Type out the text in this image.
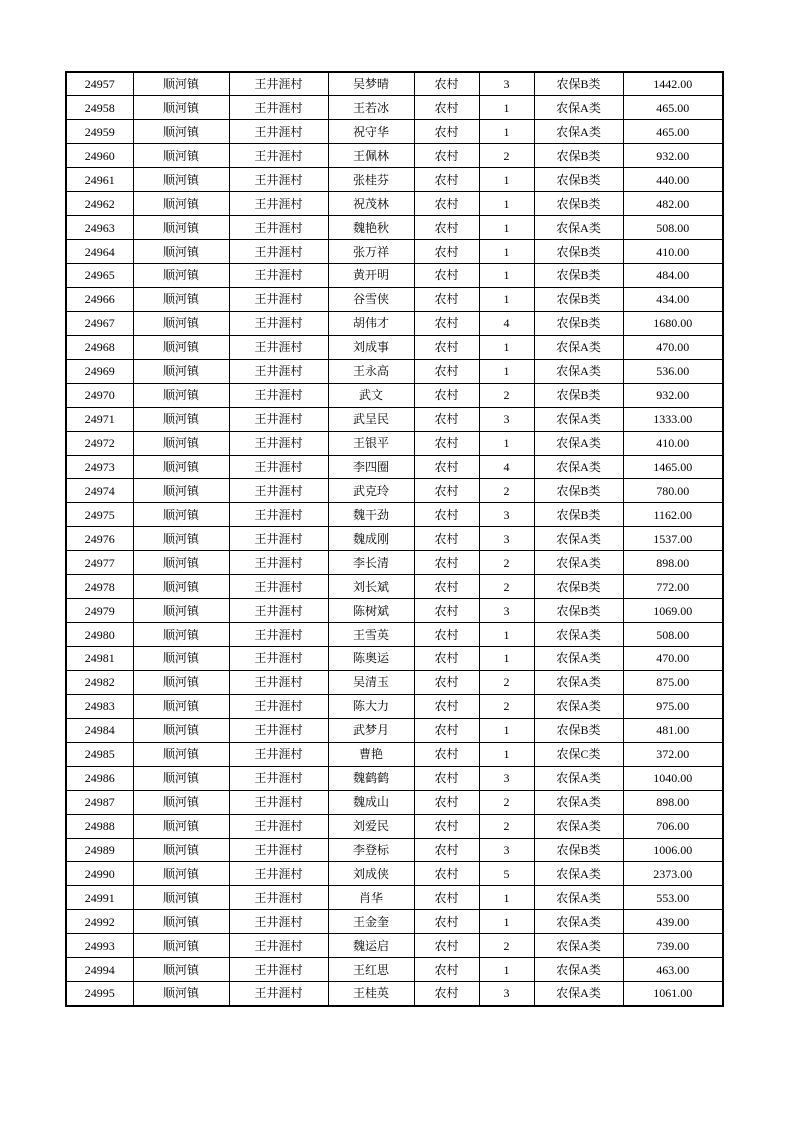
24957	顺河镇	王井涯村	吴梦晴	农村	3	农保B类	1442.00
24958	顺河镇	王井涯村	王若冰	农村	1	农保A类	465.00
24959	顺河镇	王井涯村	祝守华	农村	1	农保A类	465.00
24960	顺河镇	王井涯村	王佩林	农村	2	农保B类	932.00
24961	顺河镇	王井涯村	张桂芬	农村	1	农保B类	440.00
24962	顺河镇	王井涯村	祝茂林	农村	1	农保B类	482.00
24963	顺河镇	王井涯村	魏艳秋	农村	1	农保A类	508.00
24964	顺河镇	王井涯村	张万祥	农村	1	农保B类	410.00
24965	顺河镇	王井涯村	黄开明	农村	1	农保B类	484.00
24966	顺河镇	王井涯村	谷雪侠	农村	1	农保B类	434.00
24967	顺河镇	王井涯村	胡伟才	农村	4	农保B类	1680.00
24968	顺河镇	王井涯村	刘成事	农村	1	农保A类	470.00
24969	顺河镇	王井涯村	王永高	农村	1	农保A类	536.00
24970	顺河镇	王井涯村	武文	农村	2	农保B类	932.00
24971	顺河镇	王井涯村	武呈民	农村	3	农保A类	1333.00
24972	顺河镇	王井涯村	王银平	农村	1	农保A类	410.00
24973	顺河镇	王井涯村	李四圈	农村	4	农保A类	1465.00
24974	顺河镇	王井涯村	武克玲	农村	2	农保B类	780.00
24975	顺河镇	王井涯村	魏干劲	农村	3	农保B类	1162.00
24976	顺河镇	王井涯村	魏成刚	农村	3	农保A类	1537.00
24977	顺河镇	王井涯村	李长清	农村	2	农保A类	898.00
24978	顺河镇	王井涯村	刘长斌	农村	2	农保B类	772.00
24979	顺河镇	王井涯村	陈树斌	农村	3	农保B类	1069.00
24980	顺河镇	王井涯村	王雪英	农村	1	农保A类	508.00
24981	顺河镇	王井涯村	陈奥运	农村	1	农保A类	470.00
24982	顺河镇	王井涯村	吴清玉	农村	2	农保A类	875.00
24983	顺河镇	王井涯村	陈大力	农村	2	农保A类	975.00
24984	顺河镇	王井涯村	武梦月	农村	1	农保B类	481.00
24985	顺河镇	王井涯村	曹艳	农村	1	农保C类	372.00
24986	顺河镇	王井涯村	魏鹤鹤	农村	3	农保A类	1040.00
24987	顺河镇	王井涯村	魏成山	农村	2	农保A类	898.00
24988	顺河镇	王井涯村	刘爱民	农村	2	农保A类	706.00
24989	顺河镇	王井涯村	李登标	农村	3	农保B类	1006.00
24990	顺河镇	王井涯村	刘成侠	农村	5	农保A类	2373.00
24991	顺河镇	王井涯村	肖华	农村	1	农保A类	553.00
24992	顺河镇	王井涯村	王金奎	农村	1	农保A类	439.00
24993	顺河镇	王井涯村	魏运启	农村	2	农保A类	739.00
24994	顺河镇	王井涯村	王红思	农村	1	农保A类	463.00
24995	顺河镇	王井涯村	王桂英	农村	3	农保A类	1061.00
